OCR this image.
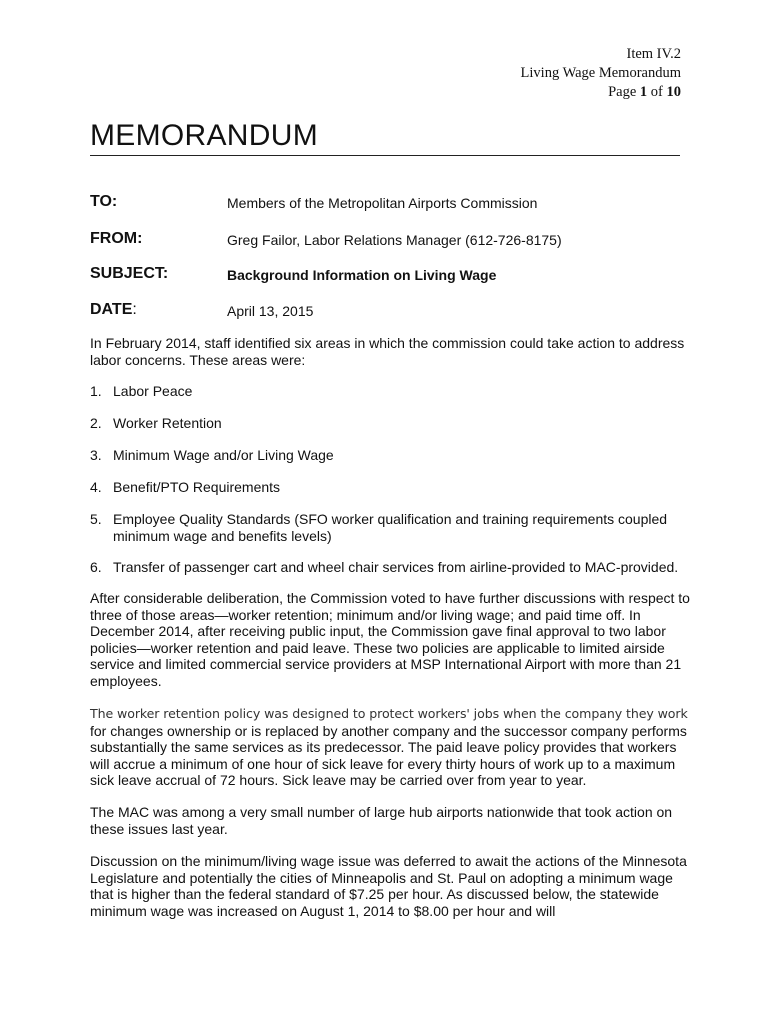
Item IV.2
Living Wage Memorandum
Page 1 of 10
MEMORANDUM
TO:	Members of the Metropolitan Airports Commission
FROM:	Greg Failor, Labor Relations Manager (612-726-8175)
SUBJECT:	Background Information on Living Wage
DATE:	April 13, 2015
In February 2014, staff identified six areas in which the commission could take action to address labor concerns. These areas were:
1. Labor Peace
2. Worker Retention
3. Minimum Wage and/or Living Wage
4. Benefit/PTO Requirements
5. Employee Quality Standards (SFO worker qualification and training requirements coupled minimum wage and benefits levels)
6. Transfer of passenger cart and wheel chair services from airline-provided to MAC-provided.
After considerable deliberation, the Commission voted to have further discussions with respect to three of those areas—worker retention; minimum and/or living wage; and paid time off. In December 2014, after receiving public input, the Commission gave final approval to two labor policies—worker retention and paid leave. These two policies are applicable to limited airside service and limited commercial service providers at MSP International Airport with more than 21 employees.
The worker retention policy was designed to protect workers' jobs when the company they work
for changes ownership or is replaced by another company and the successor company performs substantially the same services as its predecessor. The paid leave policy provides that workers will accrue a minimum of one hour of sick leave for every thirty hours of work up to a maximum sick leave accrual of 72 hours. Sick leave may be carried over from year to year.
The MAC was among a very small number of large hub airports nationwide that took action on these issues last year.
Discussion on the minimum/living wage issue was deferred to await the actions of the Minnesota Legislature and potentially the cities of Minneapolis and St. Paul on adopting a minimum wage that is higher than the federal standard of $7.25 per hour. As discussed below, the statewide minimum wage was increased on August 1, 2014 to $8.00 per hour and will
